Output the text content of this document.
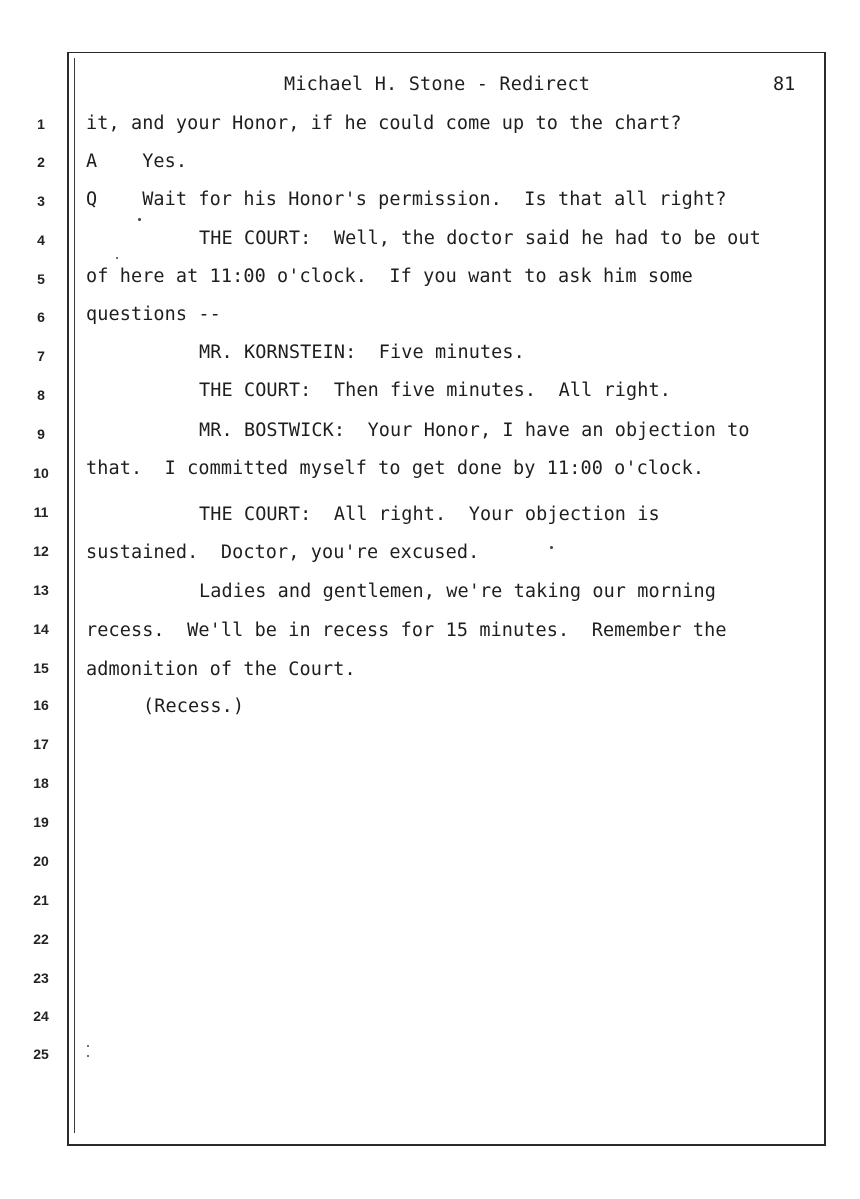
Michael H. Stone - Redirect	81
1
2
3
4
5
6
7
8
9
10
11
12
13
14
15
16
17
18
19
20
21
22
23
24
25
it, and your Honor, if he could come up to the chart?
A    Yes.
Q    Wait for his Honor's permission.  Is that all right?
THE COURT:  Well, the doctor said he had to be out
of here at 11:00 o'clock.  If you want to ask him some
questions --
MR. KORNSTEIN:  Five minutes.
THE COURT:  Then five minutes.  All right.
MR. BOSTWICK:  Your Honor, I have an objection to
that.  I committed myself to get done by 11:00 o'clock.
THE COURT:  All right.  Your objection is
sustained.  Doctor, you're excused.
Ladies and gentlemen, we're taking our morning
recess.  We'll be in recess for 15 minutes.  Remember the
admonition of the Court.
(Recess.)
